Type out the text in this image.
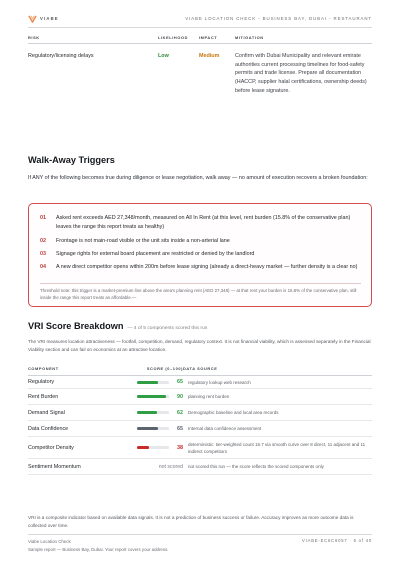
VIABE	VIABE LOCATION CHECK - BUSINESS BAY, DUBAI - RESTAURANT
RISK	LIKELIHOOD	IMPACT	MITIGATION
Regulatory/licensing delays	Low	Medium	Confirm with Dubai Municipality and relevant emirate authorities current processing timelines for food-safety permits and trade license. Prepare all documentation (HACCP, supplier halal certifications, ownership deeds) before lease signature.
Walk-Away Triggers
If ANY of the following becomes true during diligence or lease negotiation, walk away — no amount of execution recovers a broken foundation:
01	Asked rent exceeds AED 27,348/month, measured on All In Rent (at this level, rent burden (15.8% of the conservative plan) leaves the range this report treats as healthy)
02	Frontage is not main-road visible or the unit sits inside a non-arterial lane
03	Signage rights for external board placement are restricted or denied by the landlord
04	A new direct competitor opens within 200m before lease signing (already a direct-heavy market — further density is a clear no)
Threshold note: this trigger is a market-premium line above the area's planning rent (AED 27,348) — at that rent your burden is 15.8% of the conservative plan, still inside the range this report treats as affordable.—
VRI Score Breakdown — 4 of 5 components scored this run
The VRI measures location attractiveness — footfall, competition, demand, regulatory context. It is not financial viability, which is assessed separately in the Financial Viability section and can fail on economics at an attractive location.
COMPONENT	SCORE (0–100)	DATA SOURCE
Regulatory	65	regulatory lookup web research
Rent Burden	90	planning rent burden
Demand Signal	62	Demographic baseline and local area records
Data Confidence	65	Internal data confidence assessment
Competitor Density	38	deterministic: tier-weighted count 15.7 via smooth curve over 8 direct, 11 adjacent and 11 indirect competitors
Sentiment Momentum	not scored	not scored this run — the score reflects the scored components only
VRI is a composite indicator based on available data signals. It is not a prediction of business success or failure. Accuracy improves as more outcome data is collected over time.
Viabe Location Check
Sample report — Business Bay, Dubai. Your report covers your address.
VIABE-EC6C6057 · 5 of 40
